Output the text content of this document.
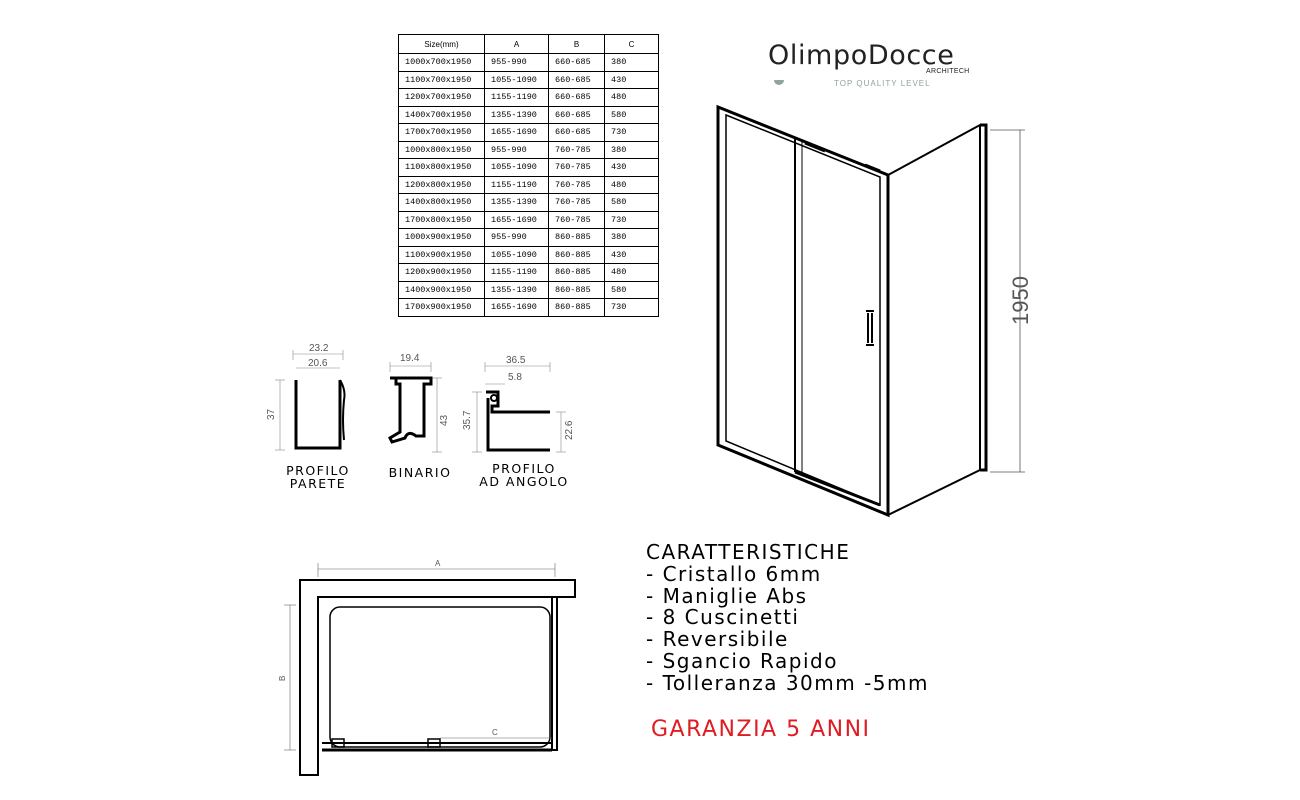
Size(mm)	A	B	C
1000x700x1950	955-990	660-685	380
1100x700x1950	1055-1090	660-685	430
1200x700x1950	1155-1190	660-685	480
1400x700x1950	1355-1390	660-685	580
1700x700x1950	1655-1690	660-685	730
1000x800x1950	955-990	760-785	380
1100x800x1950	1055-1090	760-785	430
1200x800x1950	1155-1190	760-785	480
1400x800x1950	1355-1390	760-785	580
1700x800x1950	1655-1690	760-785	730
1000x900x1950	955-990	860-885	380
1100x900x1950	1055-1090	860-885	430
1200x900x1950	1155-1190	860-885	480
1400x900x1950	1355-1390	860-885	580
1700x900x1950	1655-1690	860-885	730
OlimpoDocce
ARCHITECH
TOP QUALITY LEVEL
23.2
20.6
37
19.4
43
36.5
5.8
35.7
22.6
PROFILO
PARETE
BINARIO	PROFILO
AD ANGOLO
1950
A
B
C
CARATTERISTICHE
- Cristallo 6mm
- Maniglie Abs
- 8 Cuscinetti
- Reversibile
- Sgancio Rapido
- Tolleranza 30mm -5mm
GARANZIA 5 ANNI
